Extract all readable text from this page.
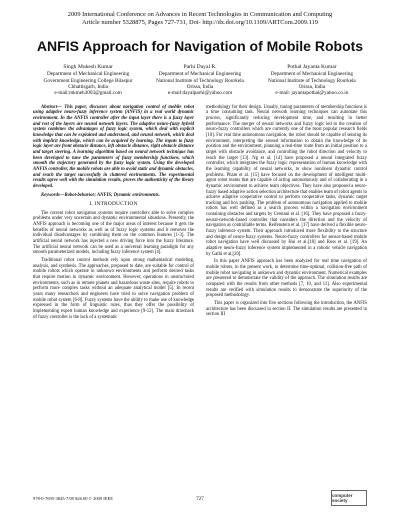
2009 International Conference on Advances in Recent Technologies in Communication and Computing
Article number 5328875, Pages 727-731, Doi- http://dx.doi.org/10.1109/ARTCom.2009.119
ANFIS Approach for Navigation of Mobile Robots
Singh Mukesh Kumar
Department of Mechanical Engineering
Government Engineering College Bilaspur
Chhattisgarh, India
e-mail:mkmeh3003@gmail.com
Parhi Dayal R.
Department of Mechanical Engineering
National Institute of Technology Rourkela
Orissa, India
e-mail:dayalparhi@yahoo.com
Pothal Jayanta Kumar
Department of Mechanical Engineering
National Institute of Technology Rourkela
Orissa, India
e-mail: jayantapothal@yahoo.co.in

Abstract— This paper, discusses about navigation control of mobile robot using adaptive neuro-fuzzy inference system (ANFIS) in a real world dynamic environment. In the ANFIS controller after the input layer there is a fuzzy layer and rest of the layers are neural network layers. The adaptive neuro-fuzzy hybrid system combines the advantages of fuzzy logic system, which deal with explicit knowledge that can be explained and understood, and neural network, which deal with implicit knowledge, which can be acquired by learning. The inputs to fuzzy logic layer are front obstacle distance, left obstacle distance, right obstacle distance and target steering. A learning algorithm based on neural network technique has been developed to tune the parameters of fuzzy membership functions, which smooth the trajectory generated by the fuzzy logic system. Using the developed ANFIS controller, the mobile robots are able to avoid static and dynamic obstacles, and reach the target successfully in cluttered environments. The experimental results agree well with the simulation results, proves the authenticity of the theory developed.

Keywords—Robot-behavior; ANFIS; Dynamic environments.

I. INTRODUCTION

The current robot navigation systems require controllers able to solve complex problems under very uncertain and dynamic environmental situations. Presently, the ANFIS approach is becoming one of the major areas of interest because it gets the benefits of neural networks as well as of fuzzy logic systems and it removes the individual disadvantages by combining them on the common features [1-3]. The artificial neural network has injected a new driving force into the fuzzy literature. The artificial neural network can be used as a universal learning paradigm for any smooth parameterized models, including fuzzy inference system [4].

Traditional robot control methods rely upon strong mathematical modeling, analysis, and synthesis. The approaches, proposed to date, are suitable for control of mobile robots which operate in unknown environments and perform desired tasks that require motion in dynamic environment. However, operations in unstructured environments, such as in remote planets and hazardous waste sites, require robots to perform more complex tasks without an adequate analytical model [5]. In recent years many researchers and engineers have tried to solve navigation problem of mobile robot system [6-8]. Fuzzy systems have the ability to make use of knowledge expressed in the form of linguistic rules, thus they offer the possibility of implementing expert human knowledge and experience [9-12]. The main drawback of fuzzy controller is the lack of a systematic

methodology for their design. Usually, tuning parameters of membership functions is a time consuming task. Neural network learning techniques can automate this process, significantly reducing development time, and resulting in better performance. The merger of neural networks and fuzzy logic led to the creation of neuro-fuzzy controllers which are currently one of the most popular research fields [10]. For real time autonomous navigation, the robot should be capable of sensing its environment, interpreting the sensed information to obtain the knowledge of its position and the environment, planning a real-time route from an initial position to a target with obstacle avoidance, and controlling the robot direction and velocity to reach the target [13]. Ng et al. [14] have proposed a neural integrated fuzzy controller, which integrates the fuzzy logic representation of human knowledge with the learning capability of neural networks, to show nonlinear dynamic control problems. Pham et al. [15] have focused on the development of intelligent multi-agent robot teams that are capable of acting autonomously and of collaborating in a dynamic environment to achieve team objectives. They have also proposed a neuro-fuzzy based adaptive action selection architecture that enables team of robot agents to achieve adaptive cooperative control to perform cooperative tasks, dynamic target tracking and box pushing. The problem of autonomous navigation applied to mobile robots has well defined as a search process within a navigation environment containing obstacles and targets by Crestani et al. [16]. They have proposed a fuzzy-neural-network-based controller that considers the direction and the velocity of navigation as controllable terms. Reifenstein et al. [17] have derived a flexible neuro-fuzzy inference system. Their approach introduced more flexibility to the structure and design of neuro-fuzzy systems. Neuro-fuzzy controllers for sensor-based mobile robot navigation have well discussed by Hui et al.[18] and Ross et al. [19]. An adaptive neuro-fuzzy inference system implemented in a robotic vehicle navigation by Gathi et al.[20].

In this paper ANFIS approach has been analyzed for real time navigation of mobile robots, in the present work, to determine time-optimal, collision-free path of mobile robot navigating in unknown and dynamic environment. Numerical examples are presented to demonstrate the validity of the approach. The simulation results are compared with the results from other methods [7, 10, and 11]. Also experimental results are verified with simulation results to demonstrate the superiority of the proposed methodology.

This paper is organized into five sections following the introduction, the ANFIS architecture has been discussed in section II. The simulation results are presented in section III

978-0-7695-3845-7/09 $26.00 © 2009 IEEE	727
computer society
